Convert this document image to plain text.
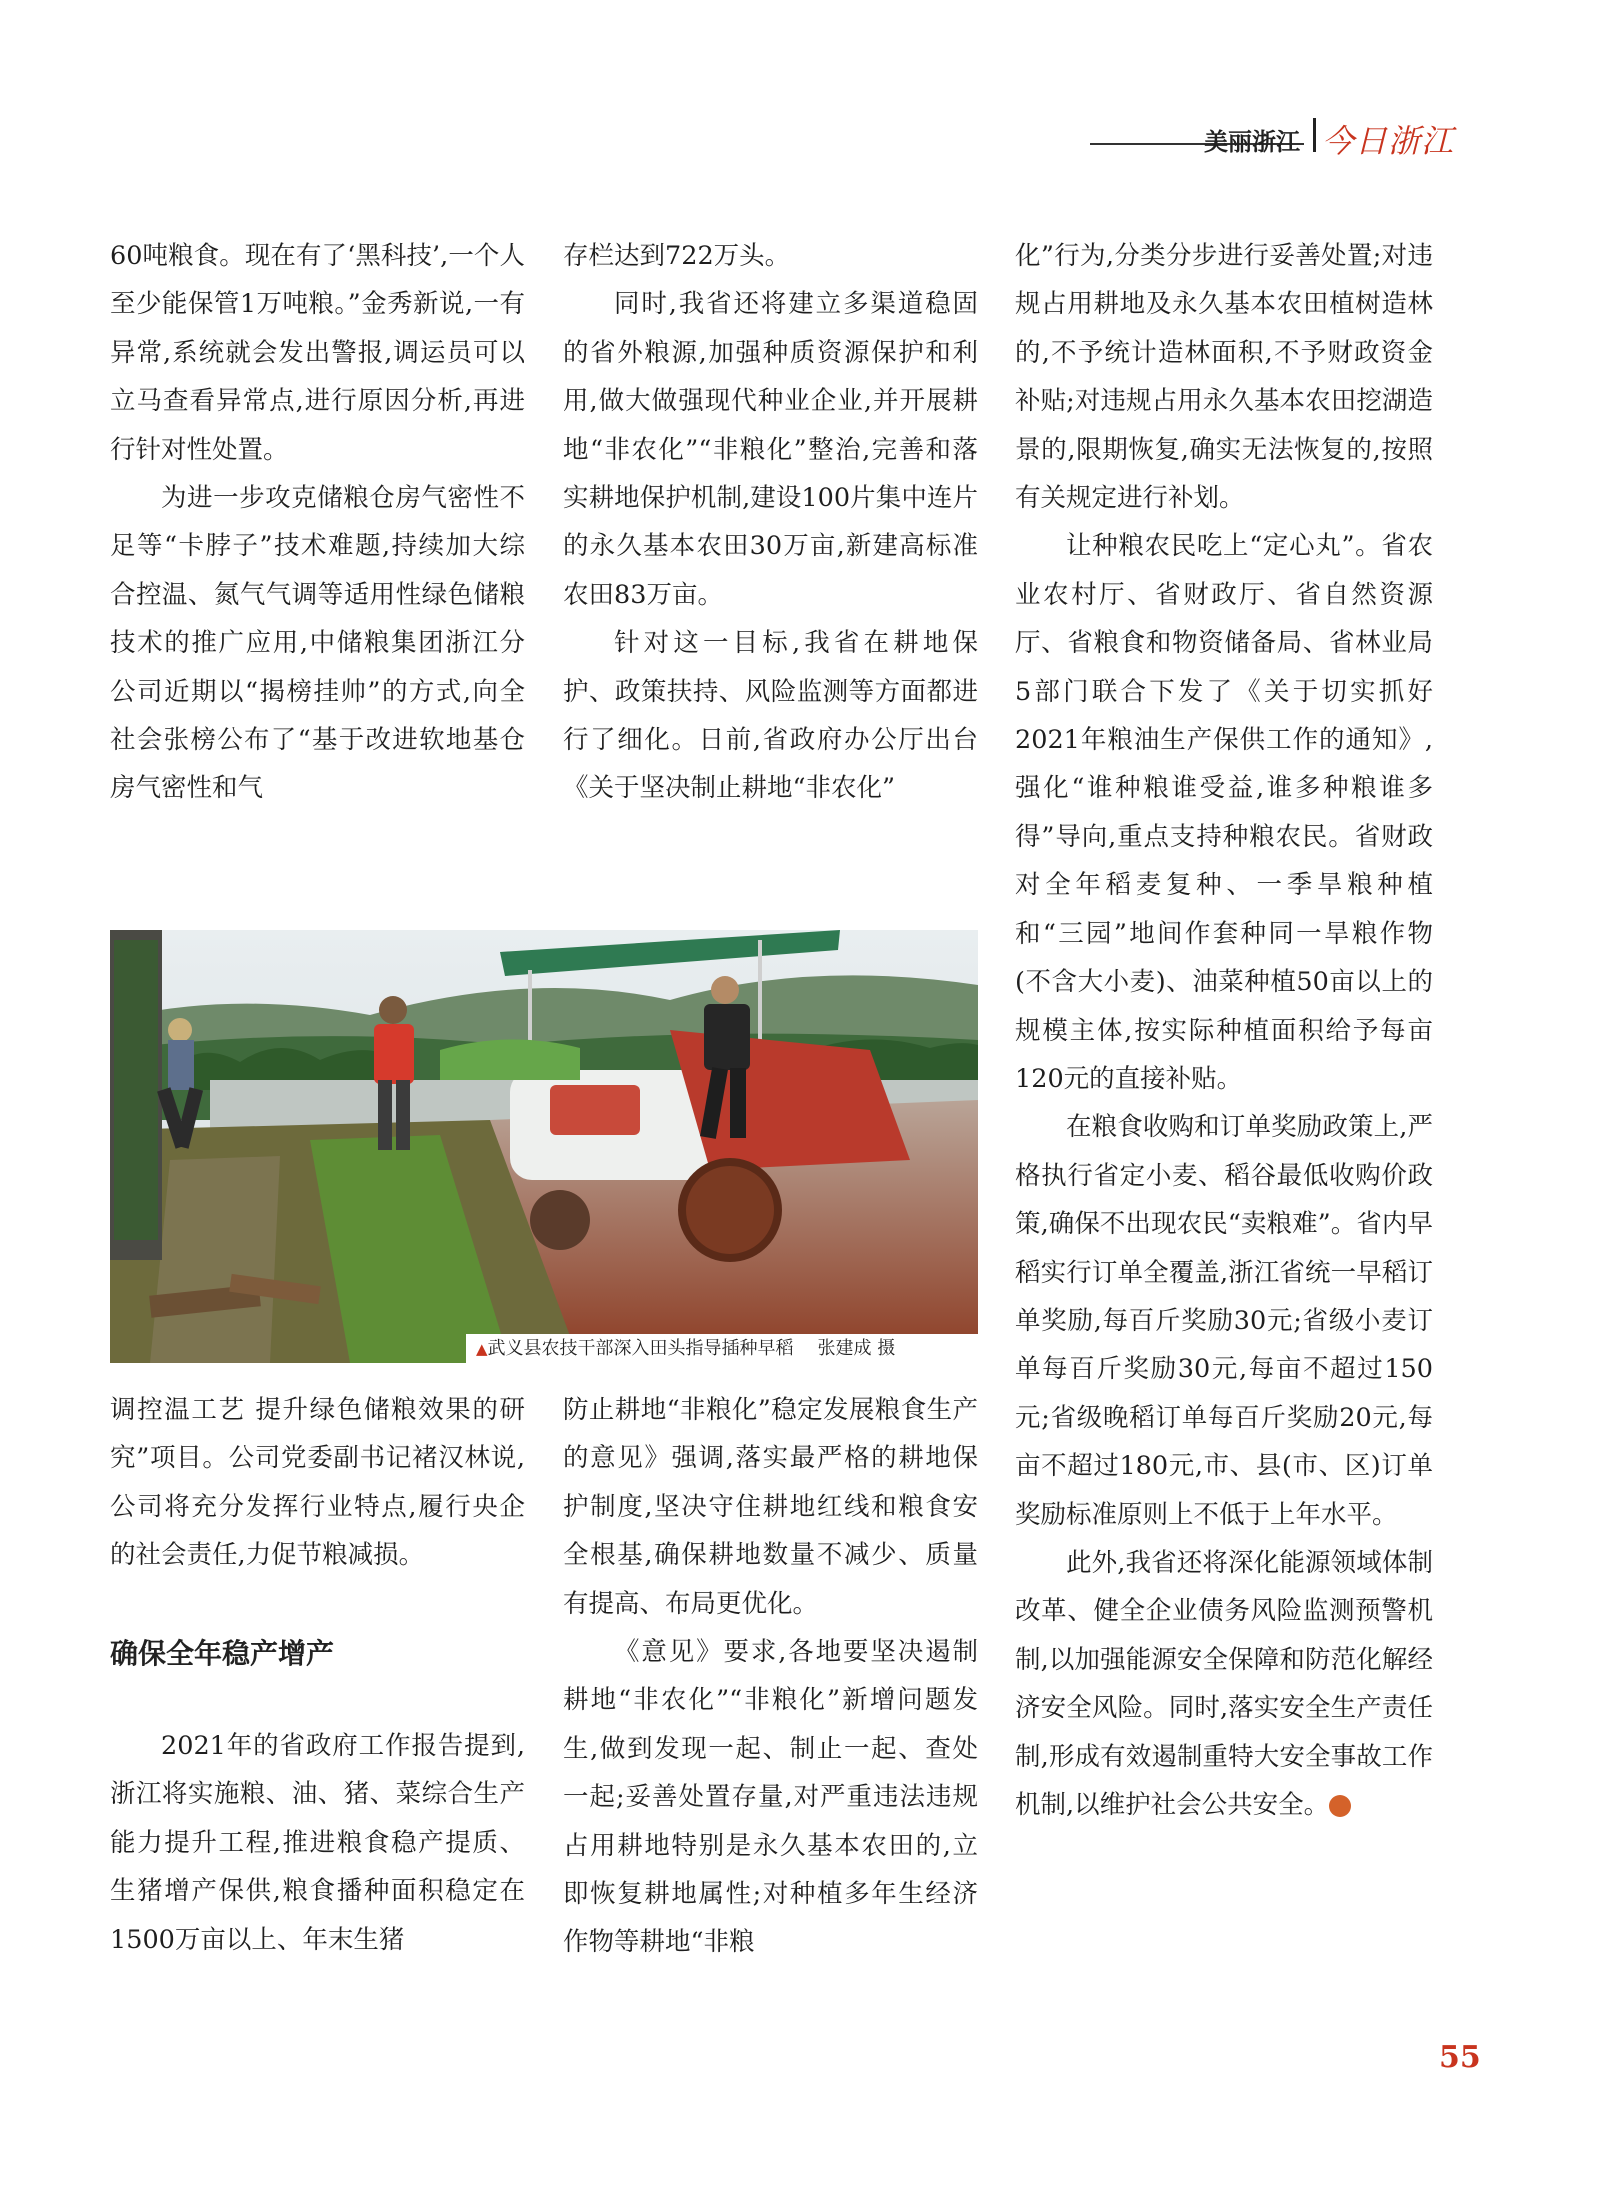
美丽浙江 今日浙江

60吨粮食。现在有了‘黑科技’,一个人至少能保管1万吨粮。”金秀新说,一有异常,系统就会发出警报,调运员可以立马查看异常点,进行原因分析,再进行针对性处置。

为进一步攻克储粮仓房气密性不足等“卡脖子”技术难题,持续加大综合控温、氮气气调等适用性绿色储粮技术的推广应用,中储粮集团浙江分公司近期以“揭榜挂帅”的方式,向全社会张榜公布了“基于改进软地基仓房气密性和气

存栏达到722万头。

同时,我省还将建立多渠道稳固的省外粮源,加强种质资源保护和利用,做大做强现代种业企业,并开展耕地“非农化”“非粮化”整治,完善和落实耕地保护机制,建设100片集中连片的永久基本农田30万亩,新建高标准农田83万亩。

针对这一目标,我省在耕地保护、政策扶持、风险监测等方面都进行了细化。日前,省政府办公厅出台《关于坚决制止耕地“非农化”

化”行为,分类分步进行妥善处置;对违规占用耕地及永久基本农田植树造林的,不予统计造林面积,不予财政资金补贴;对违规占用永久基本农田挖湖造景的,限期恢复,确实无法恢复的,按照有关规定进行补划。

让种粮农民吃上“定心丸”。省农业农村厅、省财政厅、省自然资源厅、省粮食和物资储备局、省林业局5部门联合下发了《关于切实抓好2021年粮油生产保供工作的通知》,强化“谁种粮谁受益,谁多种粮谁多得”导向,重点支持种粮农民。省财政对全年稻麦复种、一季旱粮种植和“三园”地间作套种同一旱粮作物(不含大小麦)、油菜种植50亩以上的规模主体,按实际种植面积给予每亩120元的直接补贴。

在粮食收购和订单奖励政策上,严格执行省定小麦、稻谷最低收购价政策,确保不出现农民“卖粮难”。省内早稻实行订单全覆盖,浙江省统一早稻订单奖励,每百斤奖励30元;省级小麦订单每百斤奖励30元,每亩不超过150元;省级晚稻订单每百斤奖励20元,每亩不超过180元,市、县(市、区)订单奖励标准原则上不低于上年水平。

此外,我省还将深化能源领域体制改革、健全企业债务风险监测预警机制,以加强能源安全保障和防范化解经济安全风险。同时,落实安全生产责任制,形成有效遏制重特大安全事故工作机制,以维护社会公共安全。	今

▲武义县农技干部深入田头指导插种早稻 张建成 摄

调控温工艺 提升绿色储粮效果的研究”项目。公司党委副书记褚汉林说,公司将充分发挥行业特点,履行央企的社会责任,力促节粮减损。

确保全年稳产增产

2021年的省政府工作报告提到,浙江将实施粮、油、猪、菜综合生产能力提升工程,推进粮食稳产提质、生猪增产保供,粮食播种面积稳定在1500万亩以上、年末生猪

防止耕地“非粮化”稳定发展粮食生产的意见》强调,落实最严格的耕地保护制度,坚决守住耕地红线和粮食安全根基,确保耕地数量不减少、质量有提高、布局更优化。

《意见》要求,各地要坚决遏制耕地“非农化”“非粮化”新增问题发生,做到发现一起、制止一起、查处一起;妥善处置存量,对严重违法违规占用耕地特别是永久基本农田的,立即恢复耕地属性;对种植多年生经济作物等耕地“非粮

55
